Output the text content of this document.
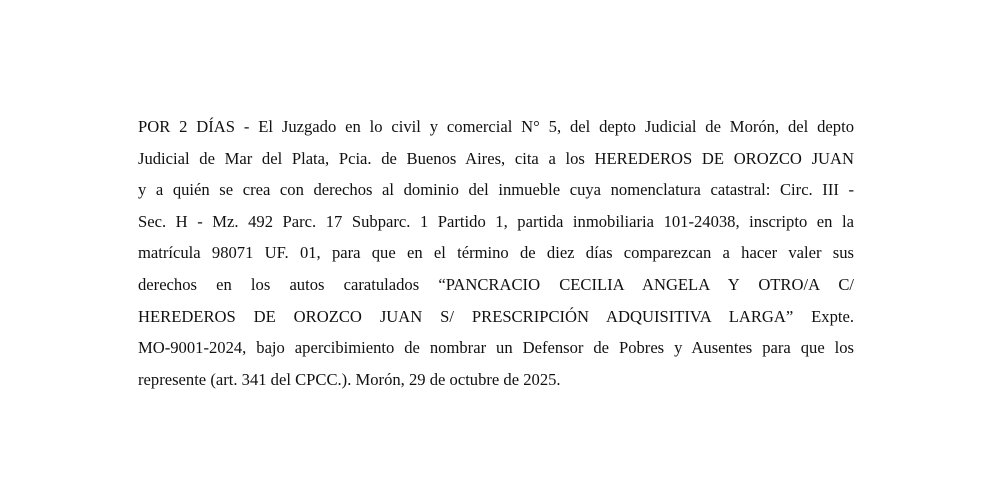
POR 2 DÍAS - El Juzgado en lo civil y comercial N° 5, del depto Judicial de Morón, del depto
Judicial de Mar del Plata, Pcia. de Buenos Aires, cita a los HEREDEROS DE OROZCO JUAN
y a quién se crea con derechos al dominio del inmueble cuya nomenclatura catastral: Circ. III -
Sec. H - Mz. 492 Parc. 17 Subparc. 1 Partido 1, partida inmobiliaria 101-24038, inscripto en la
matrícula 98071 UF. 01, para que en el término de diez días comparezcan a hacer valer sus
derechos en los autos caratulados “PANCRACIO CECILIA ANGELA Y OTRO/A C/
HEREDEROS DE OROZCO JUAN S/ PRESCRIPCIÓN ADQUISITIVA LARGA” Expte.
MO-9001-2024, bajo apercibimiento de nombrar un Defensor de Pobres y Ausentes para que los
represente (art. 341 del CPCC.). Morón, 29 de octubre de 2025.
